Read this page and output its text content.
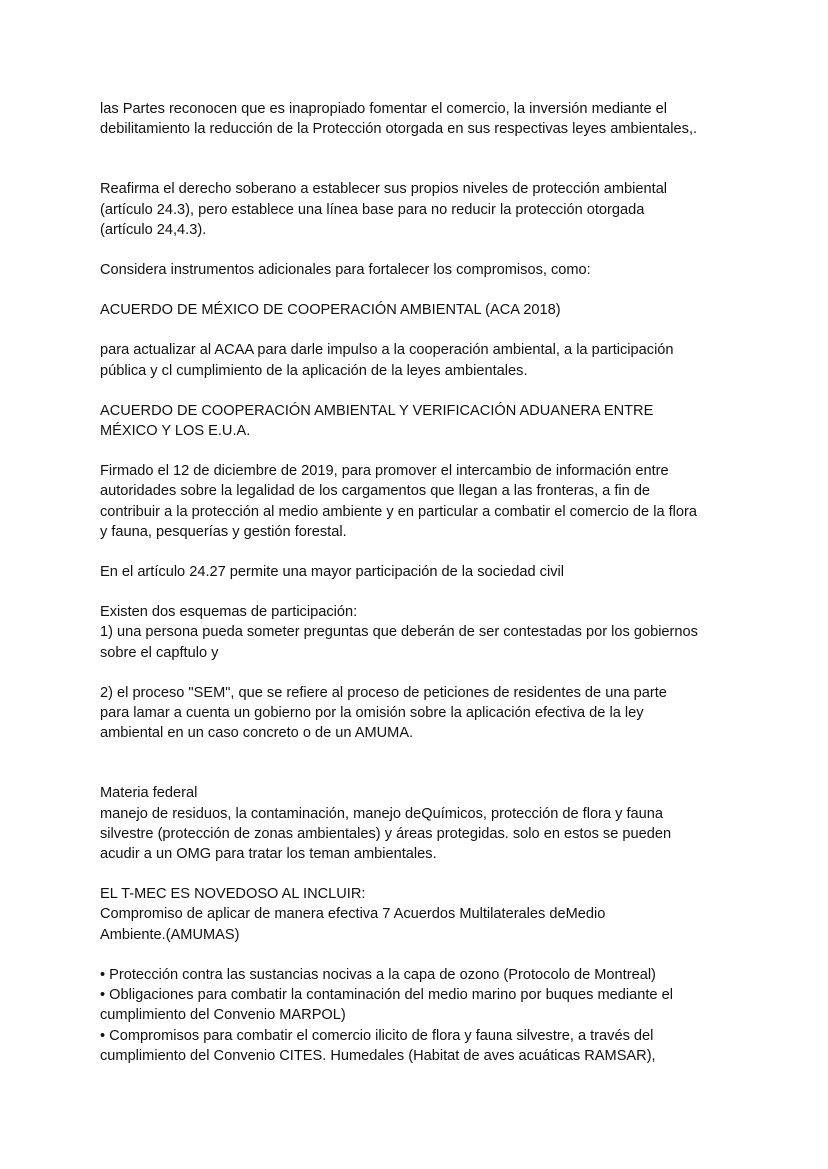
las Partes reconocen que es inapropiado fomentar el comercio, la inversión mediante el
debilitamiento la reducción de la Protección otorgada en sus respectivas leyes ambientales,.

Reafirma el derecho soberano a establecer sus propios niveles de protección ambiental
(artículo 24.3), pero establece una línea base para no reducir la protección otorgada
(artículo 24,4.3).

Considera instrumentos adicionales para fortalecer los compromisos, como:

ACUERDO DE MÉXICO DE COOPERACIÓN AMBIENTAL (ACA 2018)

para actualizar al ACAA para darle impulso a la cooperación ambiental, a la participación
pública y cl cumplimiento de la aplicación de la leyes ambientales.

ACUERDO DE COOPERACIÓN AMBIENTAL Y VERIFICACIÓN ADUANERA ENTRE
MÉXICO Y LOS E.U.A.

Firmado el 12 de diciembre de 2019, para promover el intercambio de información entre
autoridades sobre la legalidad de los cargamentos que llegan a las fronteras, a fin de
contribuir a la protección al medio ambiente y en particular a combatir el comercio de la flora
y fauna, pesquerías y gestión forestal.

En el artículo 24.27 permite una mayor participación de la sociedad civil

Existen dos esquemas de participación:
1) una persona pueda someter preguntas que deberán de ser contestadas por los gobiernos
sobre el capftulo y

2) el proceso "SEM", que se refiere al proceso de peticiones de residentes de una parte
para lamar a cuenta un gobierno por la omisión sobre la aplicación efectiva de la ley
ambiental en un caso concreto o de un AMUMA.

Materia federal
manejo de residuos, la contaminación, manejo deQuímicos, protección de flora y fauna
silvestre (protección de zonas ambientales) y áreas protegidas. solo en estos se pueden
acudir a un OMG para tratar los teman ambientales.

EL T-MEC ES NOVEDOSO AL INCLUIR:
Compromiso de aplicar de manera efectiva 7 Acuerdos Multilaterales deMedio
Ambiente.(AMUMAS)

• Protección contra las sustancias nocivas a la capa de ozono (Protocolo de Montreal)
• Obligaciones para combatir la contaminación del medio marino por buques mediante el
cumplimiento del Convenio MARPOL)
• Compromisos para combatir el comercio ilicito de flora y fauna silvestre, a través del
cumplimiento del Convenio CITES. Humedales (Habitat de aves acuáticas RAMSAR),
